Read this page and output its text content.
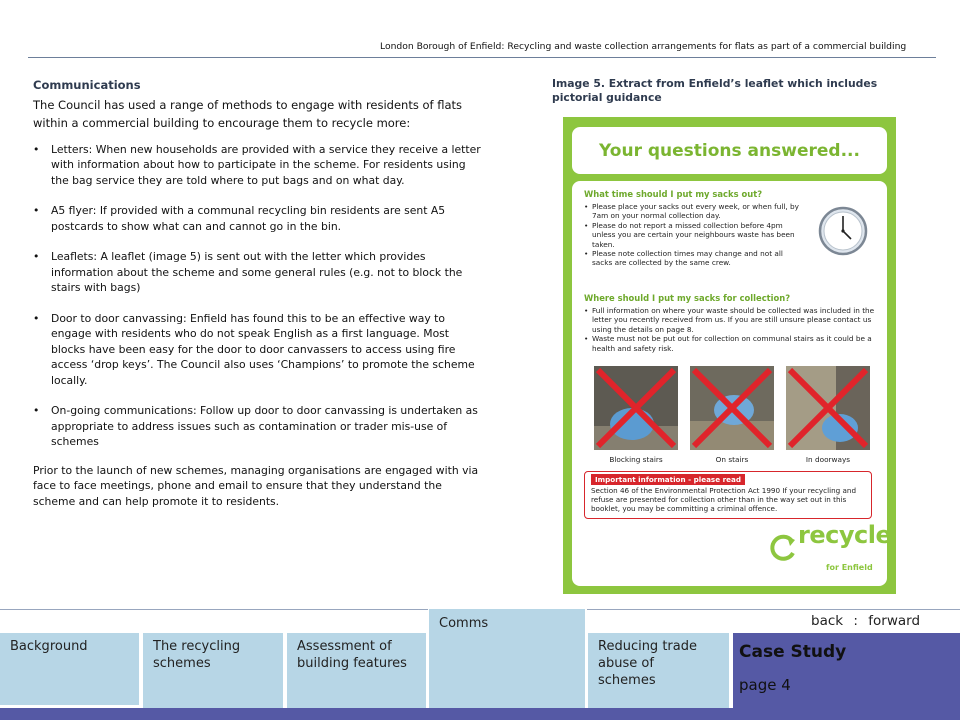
London Borough of Enfield: Recycling and waste collection arrangements for flats as part of a commercial building
Communications

The Council has used a range of methods to engage with residents of flats within a commercial building to encourage them to recycle more:

• Letters: When new households are provided with a service they receive a letter with information about how to participate in the scheme. For residents using the bag service they are told where to put bags and on what day.
• A5 flyer: If provided with a communal recycling bin residents are sent A5 postcards to show what can and cannot go in the bin.
• Leaflets: A leaflet (image 5) is sent out with the letter which provides information about the scheme and some general rules (e.g. not to block the stairs with bags)
• Door to door canvassing: Enfield has found this to be an effective way to engage with residents who do not speak English as a first language. Most blocks have been easy for the door to door canvassers to access using fire access ‘drop keys’. The Council also uses ‘Champions’ to promote the scheme locally.
• On-going communications: Follow up door to door canvassing is undertaken as appropriate to address issues such as contamination or trader mis-use of schemes

Prior to the launch of new schemes, managing organisations are engaged with via face to face meetings, phone and email to ensure that they understand the scheme and can help promote it to residents.

Image 5. Extract from Enfield’s leaflet which includes pictorial guidance
Your questions answered...
What time should I put my sacks out?
• Please place your sacks out every week, or when full, by 7am on your normal collection day.
• Please do not report a missed collection before 4pm unless you are certain your neighbours waste has been taken.
• Please note collection times may change and not all sacks are collected by the same crew.
Where should I put my sacks for collection?
• Full information on where your waste should be collected was included in the letter you recently received from us. If you are still unsure please contact us using the details on page 8.
• Waste must not be put out for collection on communal stairs as it could be a health and safety risk.
Blocking stairs	On stairs	In doorways
Important information - please read
Section 46 of the Environmental Protection Act 1990 If your recycling and refuse are presented for collection other than in the way set out in this booklet, you may be committing a criminal offence.
recycle
for Enfield
4
back : forward
Background	The recycling schemes
Assessment of building features
Comms
Reducing trade abuse of schemes
Case Study
page 4
